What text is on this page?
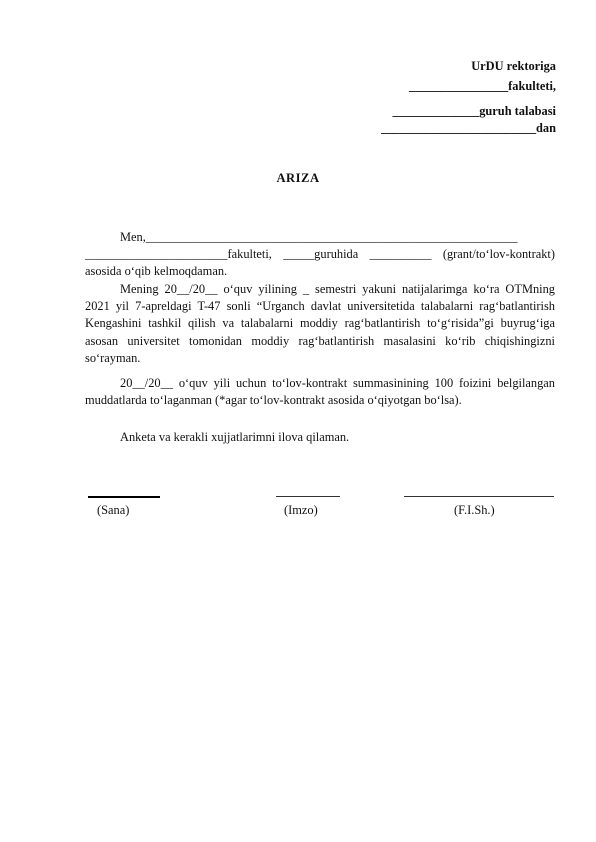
UrDU rektoriga
________________fakulteti,
______________guruh talabasi
_________________________dan
ARIZA

Men,____________________________________________________________

_______________________fakulteti, _____guruhida __________ (grant/to‘lov-kontrakt) asosida o‘qib kelmoqdaman.

Mening 20__/20__ o‘quv yilining _ semestri yakuni natijalarimga ko‘ra OTMning 2021 yil 7-apreldagi T-47 sonli “Urganch davlat universitetida talabalarni rag‘batlantirish Kengashini tashkil qilish va talabalarni moddiy rag‘batlantirish to‘g‘risida”gi buyrug‘iga asosan universitet tomonidan moddiy rag‘batlantirish masalasini ko‘rib chiqishingizni so‘rayman.
20__/20__ o‘quv yili uchun to‘lov-kontrakt summasinining 100 foizini belgilangan muddatlarda to‘laganman (*agar to‘lov-kontrakt asosida o‘qiyotgan bo‘lsa).
Anketa va kerakli xujjatlarimni ilova qilaman.
(Sana)	(Imzo)	(F.I.Sh.)
